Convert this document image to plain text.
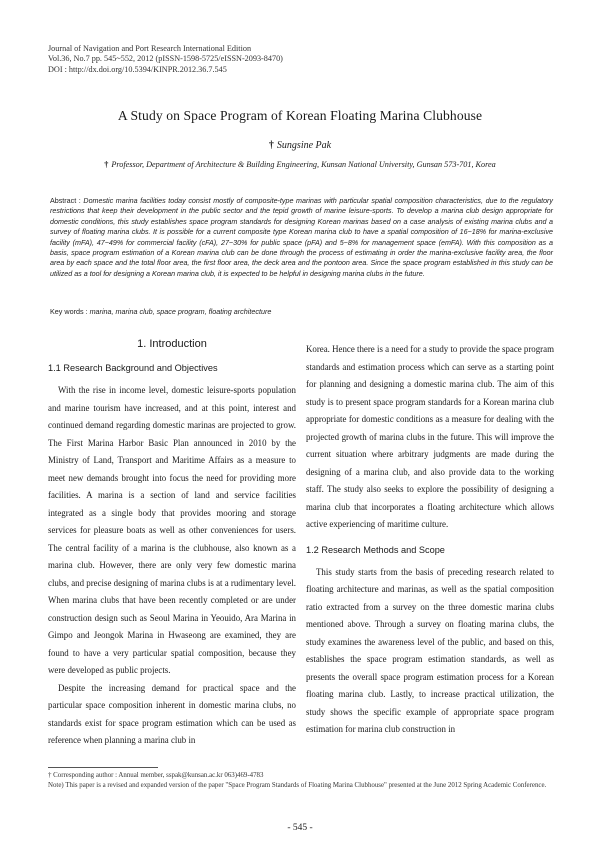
Journal of Navigation and Port Research International Edition
Vol.36, No.7 pp. 545~552, 2012 (pISSN-1598-5725/eISSN-2093-8470)
DOI : http://dx.doi.org/10.5394/KINPR.2012.36.7.545
A Study on Space Program of Korean Floating Marina Clubhouse
† Sungsine Pak
† Professor, Department of Architecture & Building Engineering, Kunsan National University, Gunsan 573-701, Korea
Abstract : Domestic marina facilities today consist mostly of composite-type marinas with particular spatial composition characteristics, due to the regulatory restrictions that keep their development in the public sector and the tepid growth of marine leisure-sports. To develop a marina club design appropriate for domestic conditions, this study establishes space program standards for designing Korean marinas based on a case analysis of existing marina clubs and a survey of floating marina clubs. It is possible for a current composite type Korean marina club to have a spatial composition of 16~18% for marina-exclusive facility (mFA), 47~49% for commercial facility (cFA), 27~30% for public space (pFA) and 5~8% for management space (emFA). With this composition as a basis, space program estimation of a Korean marina club can be done through the process of estimating in order the marina-exclusive facility area, the floor area by each space and the total floor area, the first floor area, the deck area and the pontoon area. Since the space program established in this study can be utilized as a tool for designing a Korean marina club, it is expected to be helpful in designing marina clubs in the future.
Key words : marina, marina club, space program, floating architecture
1. Introduction
1.1 Research Background and Objectives

With the rise in income level, domestic leisure-sports population and marine tourism have increased, and at this point, interest and continued demand regarding domestic marinas are projected to grow. The First Marina Harbor Basic Plan announced in 2010 by the Ministry of Land, Transport and Maritime Affairs as a measure to meet new demands brought into focus the need for providing more facilities. A marina is a section of land and service facilities integrated as a single body that provides mooring and storage services for pleasure boats as well as other conveniences for users. The central facility of a marina is the clubhouse, also known as a marina club. However, there are only very few domestic marina clubs, and precise designing of marina clubs is at a rudimentary level. When marina clubs that have been recently completed or are under construction design such as Seoul Marina in Yeouido, Ara Marina in Gimpo and Jeongok Marina in Hwaseong are examined, they are found to have a very particular spatial composition, because they were developed as public projects.

Despite the increasing demand for practical space and the particular space composition inherent in domestic marina clubs, no standards exist for space program estimation which can be used as reference when planning a marina club in

Korea. Hence there is a need for a study to provide the space program standards and estimation process which can serve as a starting point for planning and designing a domestic marina club. The aim of this study is to present space program standards for a Korean marina club appropriate for domestic conditions as a measure for dealing with the projected growth of marina clubs in the future. This will improve the current situation where arbitrary judgments are made during the designing of a marina club, and also provide data to the working staff. The study also seeks to explore the possibility of designing a marina club that incorporates a floating architecture which allows active experiencing of maritime culture.

1.2 Research Methods and Scope

This study starts from the basis of preceding research related to floating architecture and marinas, as well as the spatial composition ratio extracted from a survey on the three domestic marina clubs mentioned above. Through a survey on floating marina clubs, the study examines the awareness level of the public, and based on this, establishes the space program estimation standards, as well as presents the overall space program estimation process for a Korean floating marina club. Lastly, to increase practical utilization, the study shows the specific example of appropriate space program estimation for marina club construction in

† Corresponding author : Annual member, sspak@kunsan.ac.kr 063)469-4783
Note) This paper is a revised and expanded version of the paper "Space Program Standards of Floating Marina Clubhouse" presented at the June 2012 Spring Academic Conference.
- 545 -
